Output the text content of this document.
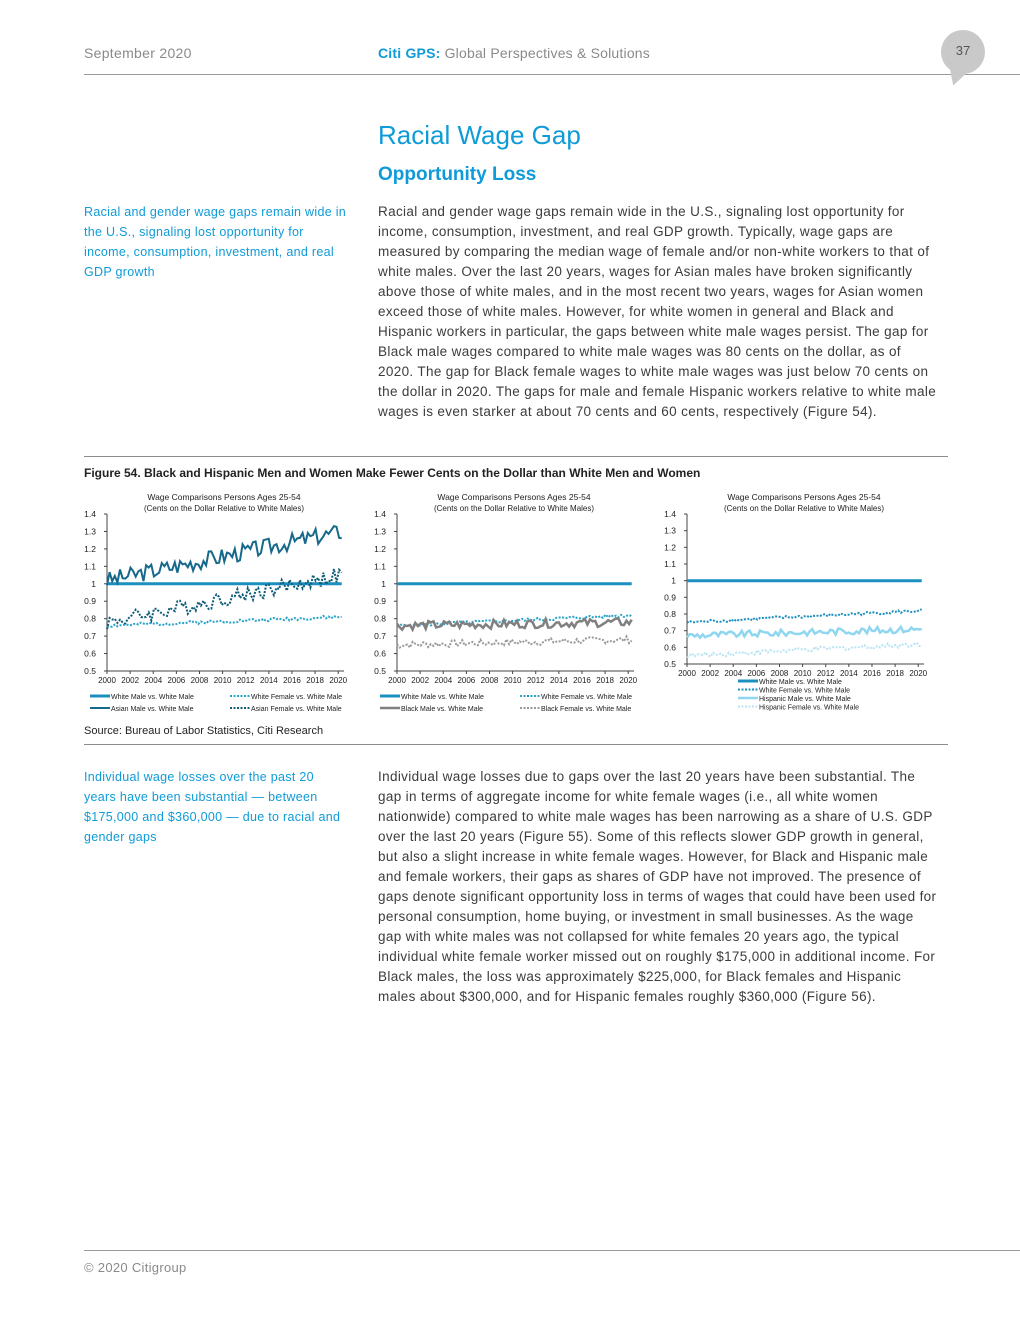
September 2020	Citi GPS: Global Perspectives & Solutions	37
Racial Wage Gap
Opportunity Loss
Racial and gender wage gaps remain wide in the U.S., signaling lost opportunity for income, consumption, investment, and real GDP growth
Racial and gender wage gaps remain wide in the U.S., signaling lost opportunity for income, consumption, investment, and real GDP growth. Typically, wage gaps are measured by comparing the median wage of female and/or non-white workers to that of white males. Over the last 20 years, wages for Asian males have broken significantly above those of white males, and in the most recent two years, wages for Asian women exceed those of white males. However, for white women in general and Black and Hispanic workers in particular, the gaps between white male wages persist. The gap for Black male wages compared to white male wages was 80 cents on the dollar, as of 2020. The gap for Black female wages to white male wages was just below 70 cents on the dollar in 2020. The gaps for male and female Hispanic workers relative to white male wages is even starker at about 70 cents and 60 cents, respectively (Figure 54).
Figure 54. Black and Hispanic Men and Women Make Fewer Cents on the Dollar than White Men and Women
Wage Comparisons Persons Ages 25-54
(Cents on the Dollar Relative to White Males)
1.4
1.3
1.2
1.1
1
0.9
0.8
0.7
0.6
0.5
2000 2002 2004 2006 2008 2010 2012 2014 2016 2018 2020
White Male vs. White Male	White Female vs. White Male
Asian Male vs. White Male	Asian Female vs. White Male
Wage Comparisons Persons Ages 25-54
(Cents on the Dollar Relative to White Males)
1.4
1.3
1.2
1.1
1
0.9
0.8
0.7
0.6
0.5
2000 2002 2004 2006 2008 2010 2012 2014 2016 2018 2020
White Male vs. White Male	White Female vs. White Male
Black Male vs. White Male	Black Female vs. White Male
Wage Comparisons Persons Ages 25-54
(Cents on the Dollar Relative to White Males)
1.4
1.3
1.2
1.1
1
0.9
0.8
0.7
0.6
0.5
2000 2002 2004 2006 2008 2010 2012 2014 2016 2018 2020
White Male vs. White Male
White Female vs. White Male
Hispanic Male vs. White Male
Hispanic Female vs. White Male
Source: Bureau of Labor Statistics, Citi Research
Individual wage losses over the past 20 years have been substantial — between $175,000 and $360,000 — due to racial and gender gaps
Individual wage losses due to gaps over the last 20 years have been substantial. The gap in terms of aggregate income for white female wages (i.e., all white women nationwide) compared to white male wages has been narrowing as a share of U.S. GDP over the last 20 years (Figure 55). Some of this reflects slower GDP growth in general, but also a slight increase in white female wages. However, for Black and Hispanic male and female workers, their gaps as shares of GDP have not improved. The presence of gaps denote significant opportunity loss in terms of wages that could have been used for personal consumption, home buying, or investment in small businesses. As the wage gap with white males was not collapsed for white females 20 years ago, the typical individual white female worker missed out on roughly $175,000 in additional income. For Black males, the loss was approximately $225,000, for Black females and Hispanic males about $300,000, and for Hispanic females roughly $360,000 (Figure 56).
© 2020 Citigroup
